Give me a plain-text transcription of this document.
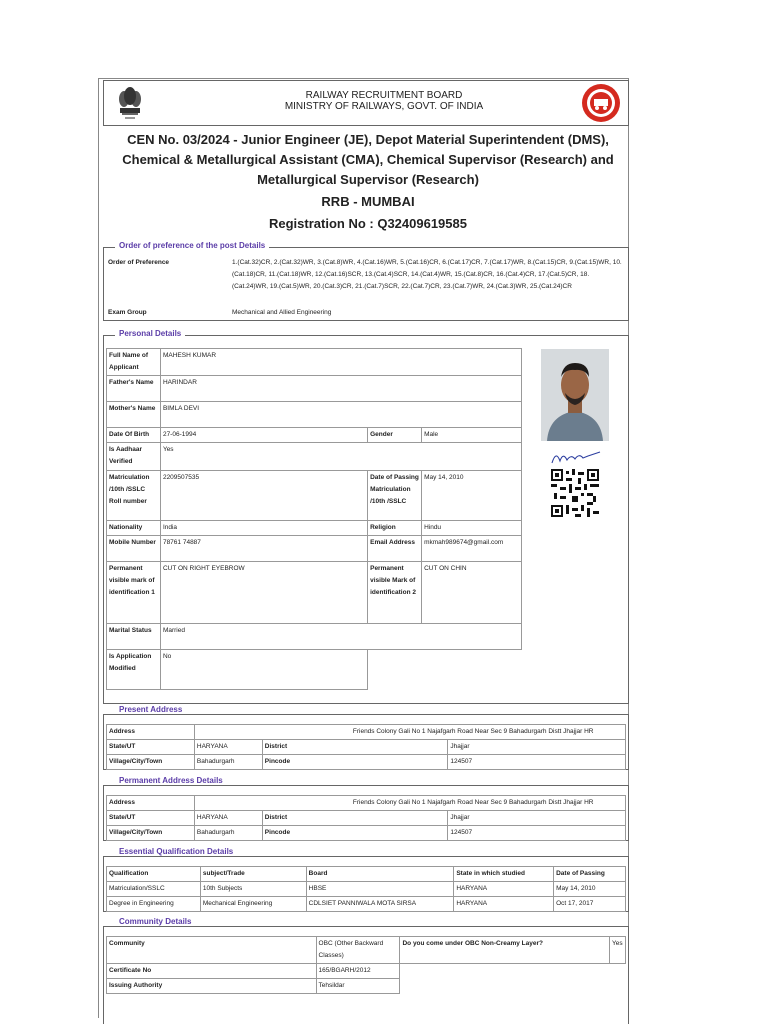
RAILWAY RECRUITMENT BOARD
MINISTRY OF RAILWAYS, GOVT. OF INDIA
CEN No. 03/2024 - Junior Engineer (JE), Depot Material Superintendent (DMS), Chemical & Metallurgical Assistant (CMA), Chemical Supervisor (Research) and Metallurgical Supervisor (Research)
RRB - MUMBAI
Registration No : Q32409619585
Order of preference of the post Details
Order of Preference	1.(Cat.32)CR, 2.(Cat.32)WR, 3.(Cat.8)WR, 4.(Cat.16)WR, 5.(Cat.16)CR, 6.(Cat.17)CR, 7.(Cat.17)WR, 8.(Cat.15)CR, 9.(Cat.15)WR, 10.(Cat.18)CR, 11.(Cat.18)WR, 12.(Cat.16)SCR, 13.(Cat.4)SCR, 14.(Cat.4)WR, 15.(Cat.8)CR, 16.(Cat.4)CR, 17.(Cat.5)CR, 18.(Cat.24)WR, 19.(Cat.5)WR, 20.(Cat.3)CR, 21.(Cat.7)SCR, 22.(Cat.7)CR, 23.(Cat.7)WR, 24.(Cat.3)WR, 25.(Cat.24)CR
Exam Group	Mechanical and Allied Engineering
Personal Details
Full Name of Applicant	MAHESH KUMAR		
Father's Name	HARINDAR		
Mother's Name	BIMLA DEVI		
Date Of Birth	27-06-1994	Gender	Male
Is Aadhaar Verified	Yes		
Matriculation /10th /SSLC Roll number	2209507535	Date of Passing Matriculation /10th /SSLC	May 14, 2010
Nationality	India	Religion	Hindu
Mobile Number	78761 74887	Email Address	mkmah989674@gmail.com
Permanent visible mark of identification 1	CUT ON RIGHT EYEBROW	Permanent visible Mark of identification 2	CUT ON CHIN
Marital Status	Married		
Is Application Modified	No		
Present Address
Address	Friends Colony Gali No 1 Najafgarh Road Near Sec 9 Bahadurgarh Distt Jhajjar HR		
State/UT	HARYANA	District	Jhajjar
Village/City/Town	Bahadurgarh	Pincode	124507
Permanent Address Details
Address	Friends Colony Gali No 1 Najafgarh Road Near Sec 9 Bahadurgarh Distt Jhajjar HR		
State/UT	HARYANA	District	Jhajjar
Village/City/Town	Bahadurgarh	Pincode	124507
Essential Qualification Details
Qualification	subject/Trade	Board	State in which studied	Date of Passing
Matriculation/SSLC	10th Subjects	HBSE	HARYANA	May 14, 2010
Degree in Engineering	Mechanical Engineering	CDLSIET PANNIWALA MOTA SIRSA	HARYANA	Oct 17, 2017
Community Details
Community	OBC (Other Backward Classes)	Do you come under OBC Non-Creamy Layer?	Yes
Certificate No	165/BGARH/2012		
Issuing Authority	Tehsildar		
